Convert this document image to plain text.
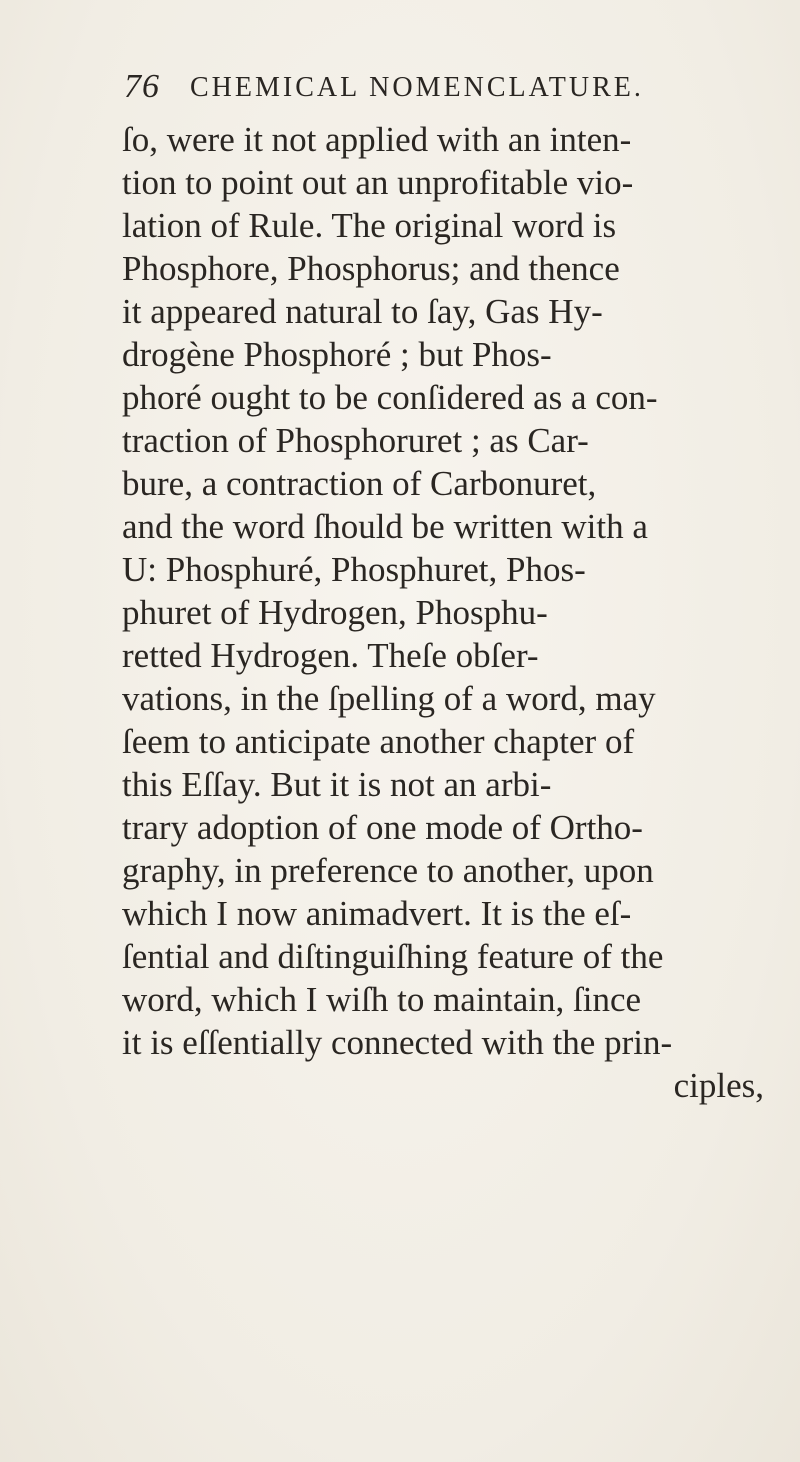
76 CHEMICAL NOMENCLATURE.
ſo, were it not applied with an inten-
tion to point out an unprofitable vio-
lation of Rule. The original word is
Phosphore, Phosphorus; and thence
it appeared natural to ſay, Gas Hy-
drogène Phosphoré ; but Phos-
phoré ought to be conſidered as a con-
traction of Phosphoruret ; as Car-
bure, a contraction of Carbonuret,
and the word ſhould be written with a
U: Phosphuré, Phosphuret, Phos-
phuret of Hydrogen, Phosphu-
retted Hydrogen. Theſe obſer-
vations, in the ſpelling of a word, may
ſeem to anticipate another chapter of
this Eſſay. But it is not an arbi-
trary adoption of one mode of Ortho-
graphy, in preference to another, upon
which I now animadvert. It is the eſ-
ſential and diſtinguiſhing feature of the
word, which I wiſh to maintain, ſince
it is eſſentially connected with the prin-
ciples,
